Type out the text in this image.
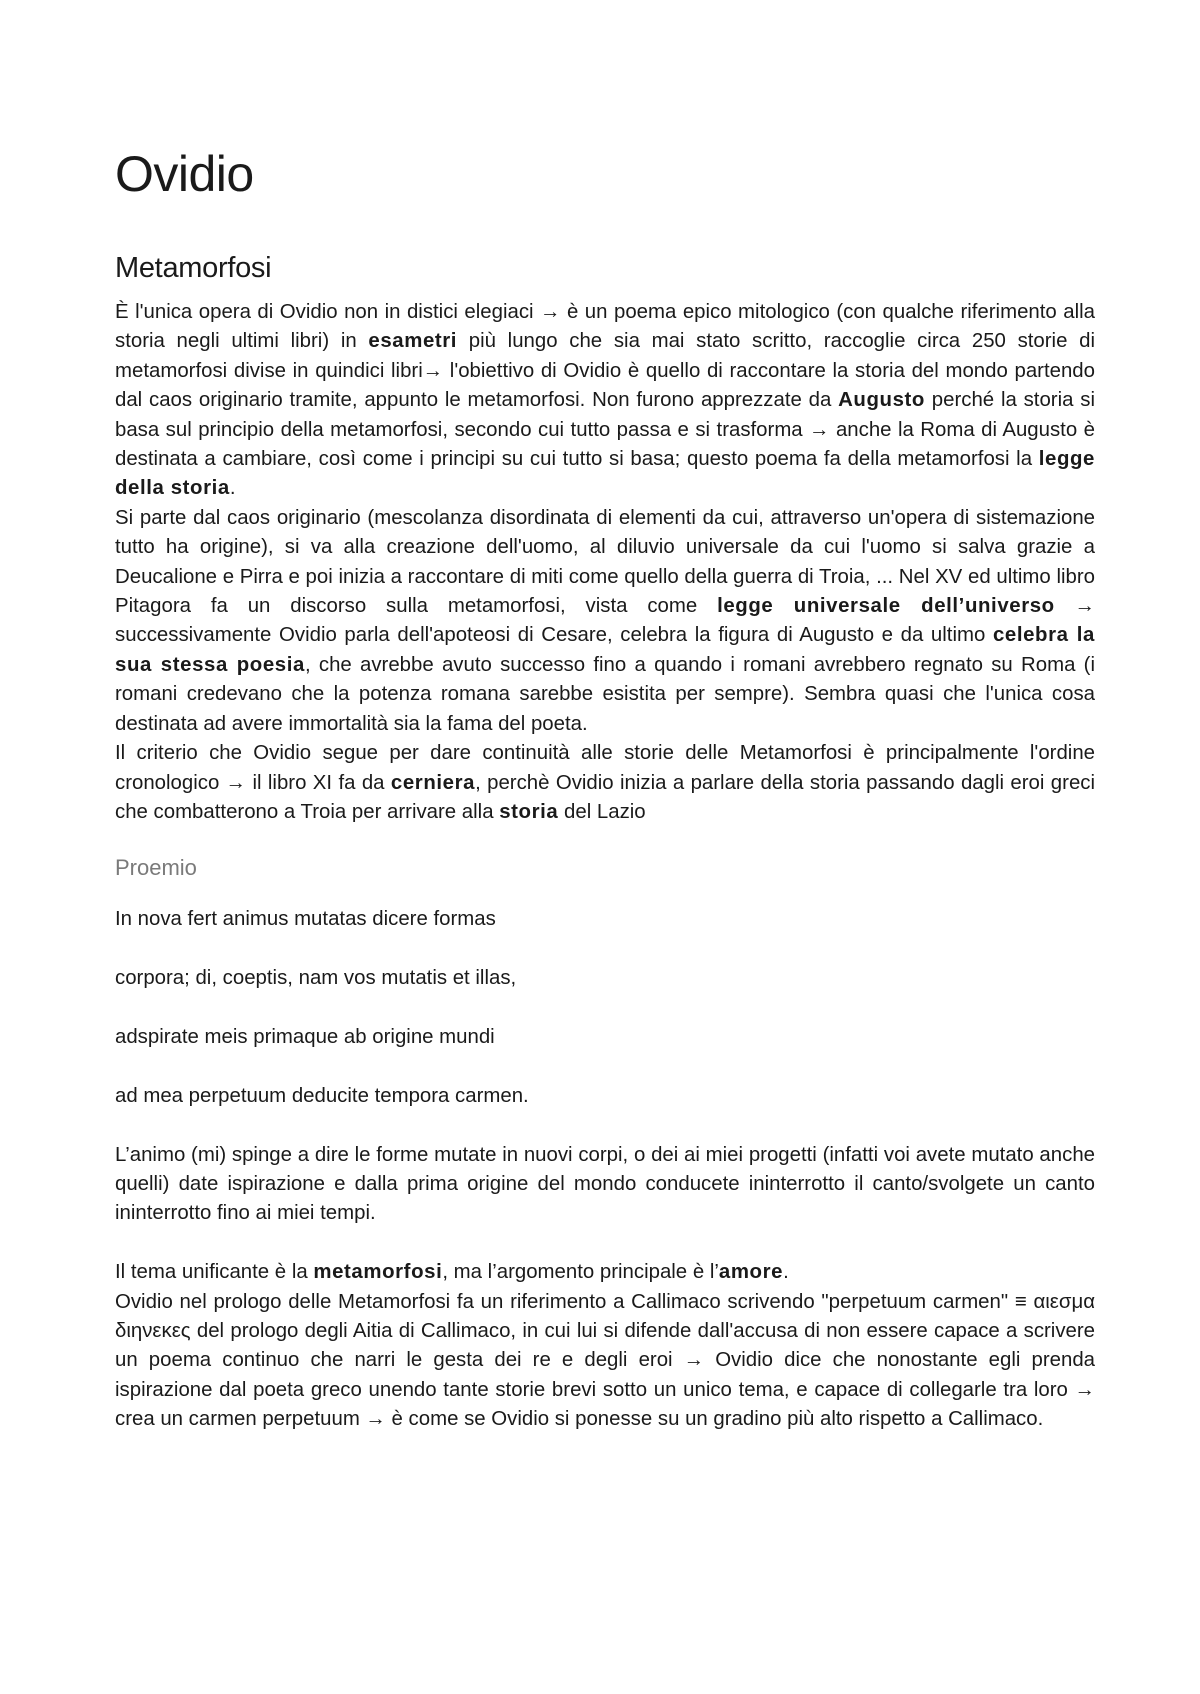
Ovidio
Metamorfosi

È l'unica opera di Ovidio non in distici elegiaci → è un poema epico mitologico (con qualche riferimento alla storia negli ultimi libri) in esametri più lungo che sia mai stato scritto, raccoglie circa 250 storie di metamorfosi divise in quindici libri→ l'obiettivo di Ovidio è quello di raccontare la storia del mondo partendo dal caos originario tramite, appunto le metamorfosi. Non furono apprezzate da Augusto perché la storia si basa sul principio della metamorfosi, secondo cui tutto passa e si trasforma → anche la Roma di Augusto è destinata a cambiare, così come i principi su cui tutto si basa; questo poema fa della metamorfosi la legge della storia.

Si parte dal caos originario (mescolanza disordinata di elementi da cui, attraverso un'opera di sistemazione tutto ha origine), si va alla creazione dell'uomo, al diluvio universale da cui l'uomo si salva grazie a Deucalione e Pirra e poi inizia a raccontare di miti come quello della guerra di Troia, ... Nel XV ed ultimo libro Pitagora fa un discorso sulla metamorfosi, vista come legge universale dell’universo → successivamente Ovidio parla dell'apoteosi di Cesare, celebra la figura di Augusto e da ultimo celebra la sua stessa poesia, che avrebbe avuto successo fino a quando i romani avrebbero regnato su Roma (i romani credevano che la potenza romana sarebbe esistita per sempre). Sembra quasi che l'unica cosa destinata ad avere immortalità sia la fama del poeta.

Il criterio che Ovidio segue per dare continuità alle storie delle Metamorfosi è principalmente l'ordine cronologico → il libro XI fa da cerniera, perchè Ovidio inizia a parlare della storia passando dagli eroi greci che combatterono a Troia per arrivare alla storia del Lazio

Proemio

In nova fert animus mutatas dicere formas

corpora; di, coeptis, nam vos mutatis et illas,

adspirate meis primaque ab origine mundi

ad mea perpetuum deducite tempora carmen.

L’animo (mi) spinge a dire le forme mutate in nuovi corpi, o dei ai miei progetti (infatti voi avete mutato anche quelli) date ispirazione e dalla prima origine del mondo conducete ininterrotto il canto/svolgete un canto ininterrotto fino ai miei tempi.

Il tema unificante è la metamorfosi, ma l’argomento principale è l’amore.

Ovidio nel prologo delle Metamorfosi fa un riferimento a Callimaco scrivendo "perpetuum carmen" ≡ αιεσμα διηνεκες del prologo degli Aitia di Callimaco, in cui lui si difende dall'accusa di non essere capace a scrivere un poema continuo che narri le gesta dei re e degli eroi → Ovidio dice che nonostante egli prenda ispirazione dal poeta greco unendo tante storie brevi sotto un unico tema, e capace di collegarle tra loro → crea un carmen perpetuum → è come se Ovidio si ponesse su un gradino più alto rispetto a Callimaco.
